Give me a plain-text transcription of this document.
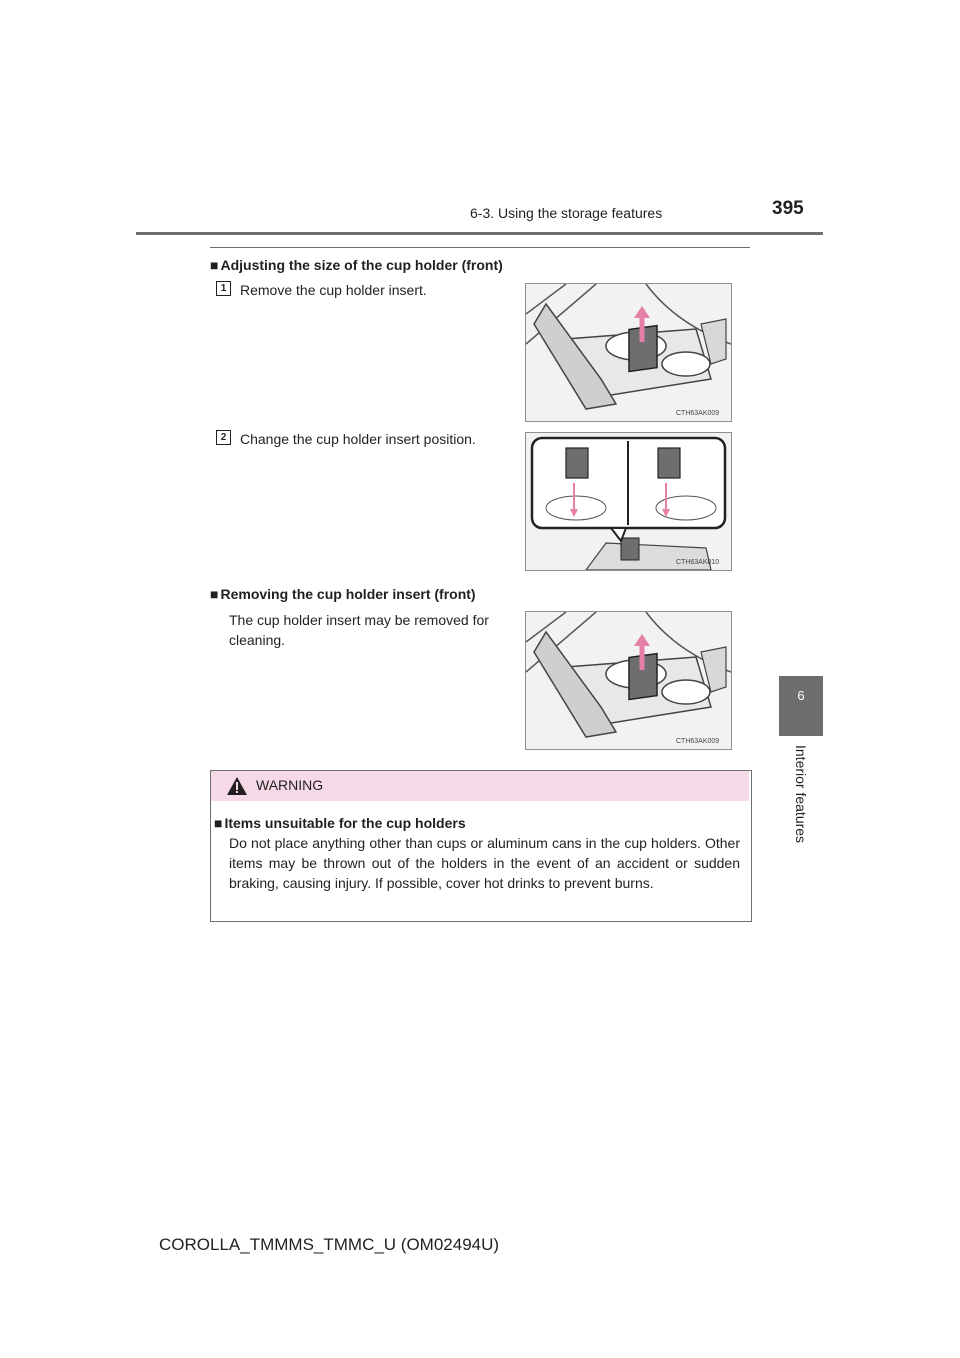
6-3. Using the storage features	395
6
Interior features
■ Adjusting the size of the cup holder (front)
1 Remove the cup holder insert.
CTH63AK009
2 Change the cup holder insert position.
CTH63AK010
■ Removing the cup holder insert (front)
The cup holder insert may be removed for cleaning.
CTH63AK009
WARNING
■ Items unsuitable for the cup holders
Do not place anything other than cups or aluminum cans in the cup holders. Other items may be thrown out of the holders in the event of an accident or sudden braking, causing injury. If possible, cover hot drinks to prevent burns.
COROLLA_TMMMS_TMMC_U (OM02494U)
